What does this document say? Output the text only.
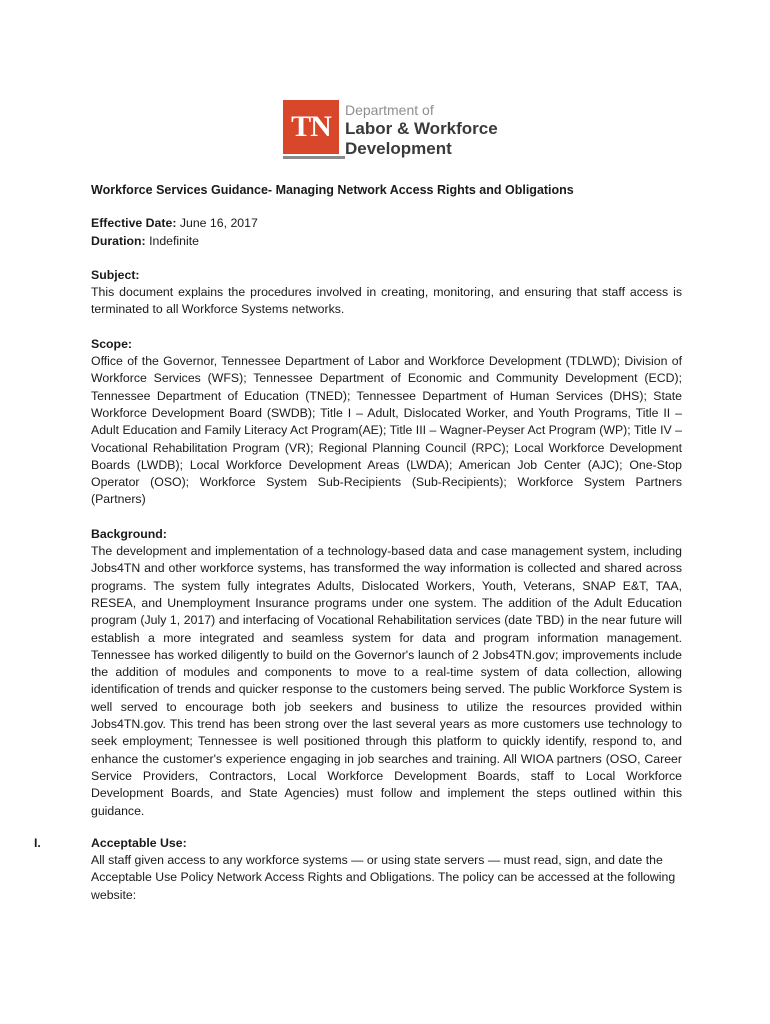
TN	Department of
Labor & Workforce
Development

Workforce Services Guidance- Managing Network Access Rights and Obligations

Effective Date: June 16, 2017

Duration: Indefinite

Subject:

This document explains the procedures involved in creating, monitoring, and ensuring that staff access is terminated to all Workforce Systems networks.

Scope:

Office of the Governor, Tennessee Department of Labor and Workforce Development (TDLWD); Division of Workforce Services (WFS); Tennessee Department of Economic and Community Development (ECD); Tennessee Department of Education (TNED); Tennessee Department of Human Services (DHS); State Workforce Development Board (SWDB); Title I – Adult, Dislocated Worker, and Youth Programs, Title II – Adult Education and Family Literacy Act Program(AE); Title III – Wagner-Peyser Act Program (WP); Title IV – Vocational Rehabilitation Program (VR); Regional Planning Council (RPC); Local Workforce Development Boards (LWDB); Local Workforce Development Areas (LWDA); American Job Center (AJC); One-Stop Operator (OSO); Workforce System Sub-Recipients (Sub-Recipients); Workforce System Partners (Partners)

Background:

The development and implementation of a technology-based data and case management system, including Jobs4TN and other workforce systems, has transformed the way information is collected and shared across programs. The system fully integrates Adults, Dislocated Workers, Youth, Veterans, SNAP E&T, TAA, RESEA, and Unemployment Insurance programs under one system. The addition of the Adult Education program (July 1, 2017) and interfacing of Vocational Rehabilitation services (date TBD) in the near future will establish a more integrated and seamless system for data and program information management. Tennessee has worked diligently to build on the Governor's launch of 2 Jobs4TN.gov; improvements include the addition of modules and components to move to a real-time system of data collection, allowing identification of trends and quicker response to the customers being served. The public Workforce System is well served to encourage both job seekers and business to utilize the resources provided within Jobs4TN.gov. This trend has been strong over the last several years as more customers use technology to seek employment; Tennessee is well positioned through this platform to quickly identify, respond to, and enhance the customer's experience engaging in job searches and training. All WIOA partners (OSO, Career Service Providers, Contractors, Local Workforce Development Boards, staff to Local Workforce Development Boards, and State Agencies) must follow and implement the steps outlined within this guidance.

I.	Acceptable Use:

All staff given access to any workforce systems — or using state servers — must read, sign, and date the Acceptable Use Policy Network Access Rights and Obligations. The policy can be accessed at the following website:
